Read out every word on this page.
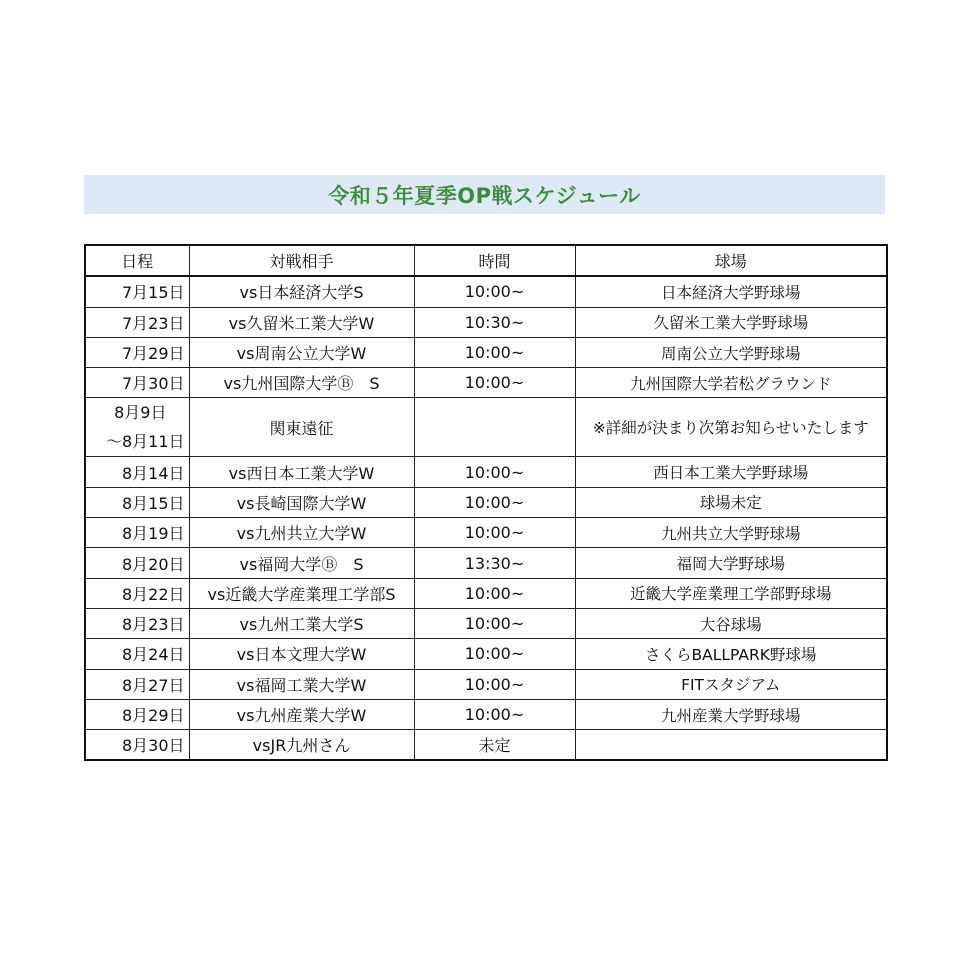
令和５年夏季OP戦スケジュール
日程	対戦相手	時間	球場
7月15日	vs日本経済大学S	10:00~	日本経済大学野球場
7月23日	vs久留米工業大学W	10:30~	久留米工業大学野球場
7月29日	vs周南公立大学W	10:00~	周南公立大学野球場
7月30日	vs九州国際大学Ⓑ　S	10:00~	九州国際大学若松グラウンド

8月9日
～8月11日	関東遠征		※詳細が決まり次第お知らせいたします
8月14日	vs西日本工業大学W	10:00~	西日本工業大学野球場
8月15日	vs長崎国際大学W	10:00~	球場未定
8月19日	vs九州共立大学W	10:00~	九州共立大学野球場
8月20日	vs福岡大学Ⓑ　S	13:30~	福岡大学野球場
8月22日	vs近畿大学産業理工学部S	10:00~	近畿大学産業理工学部野球場
8月23日	vs九州工業大学S	10:00~	大谷球場
8月24日	vs日本文理大学W	10:00~	さくらBALLPARK野球場
8月27日	vs福岡工業大学W	10:00~	FITスタジアム
8月29日	vs九州産業大学W	10:00~	九州産業大学野球場
8月30日	vsJR九州さん	未定	
